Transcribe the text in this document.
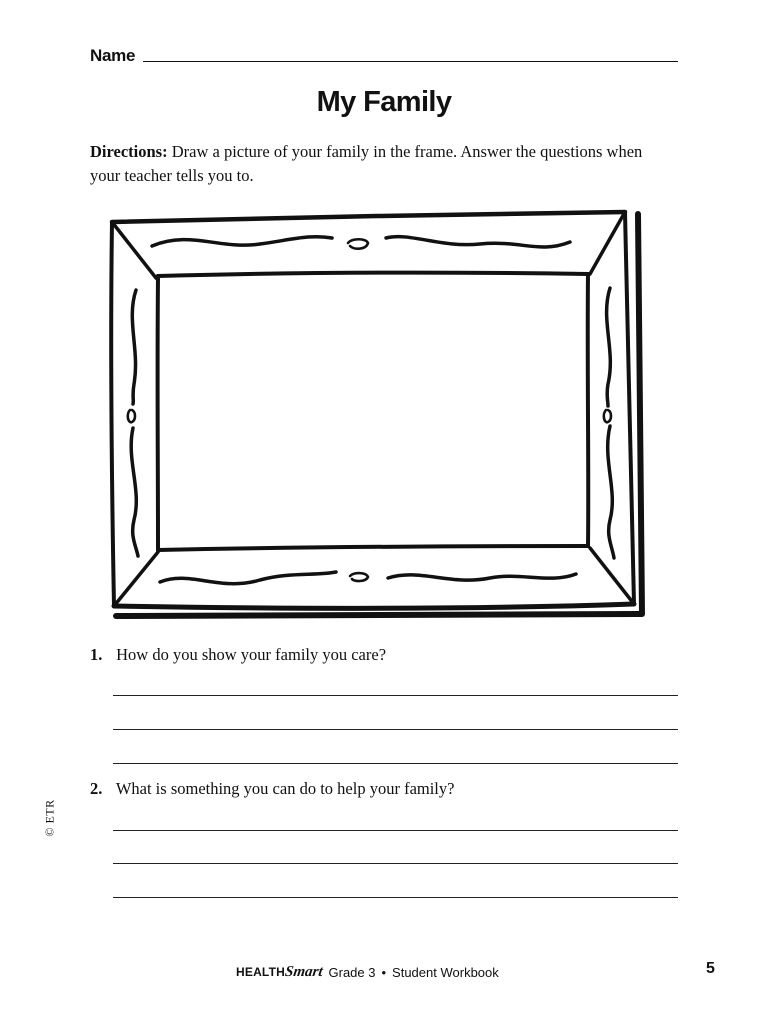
Name
My Family
Directions: Draw a picture of your family in the frame. Answer the questions when your teacher tells you to.
1. How do you show your family you care?
2. What is something you can do to help your family?
© ETR
HEALTH
Smart Grade 3 • Student Workbook	5
